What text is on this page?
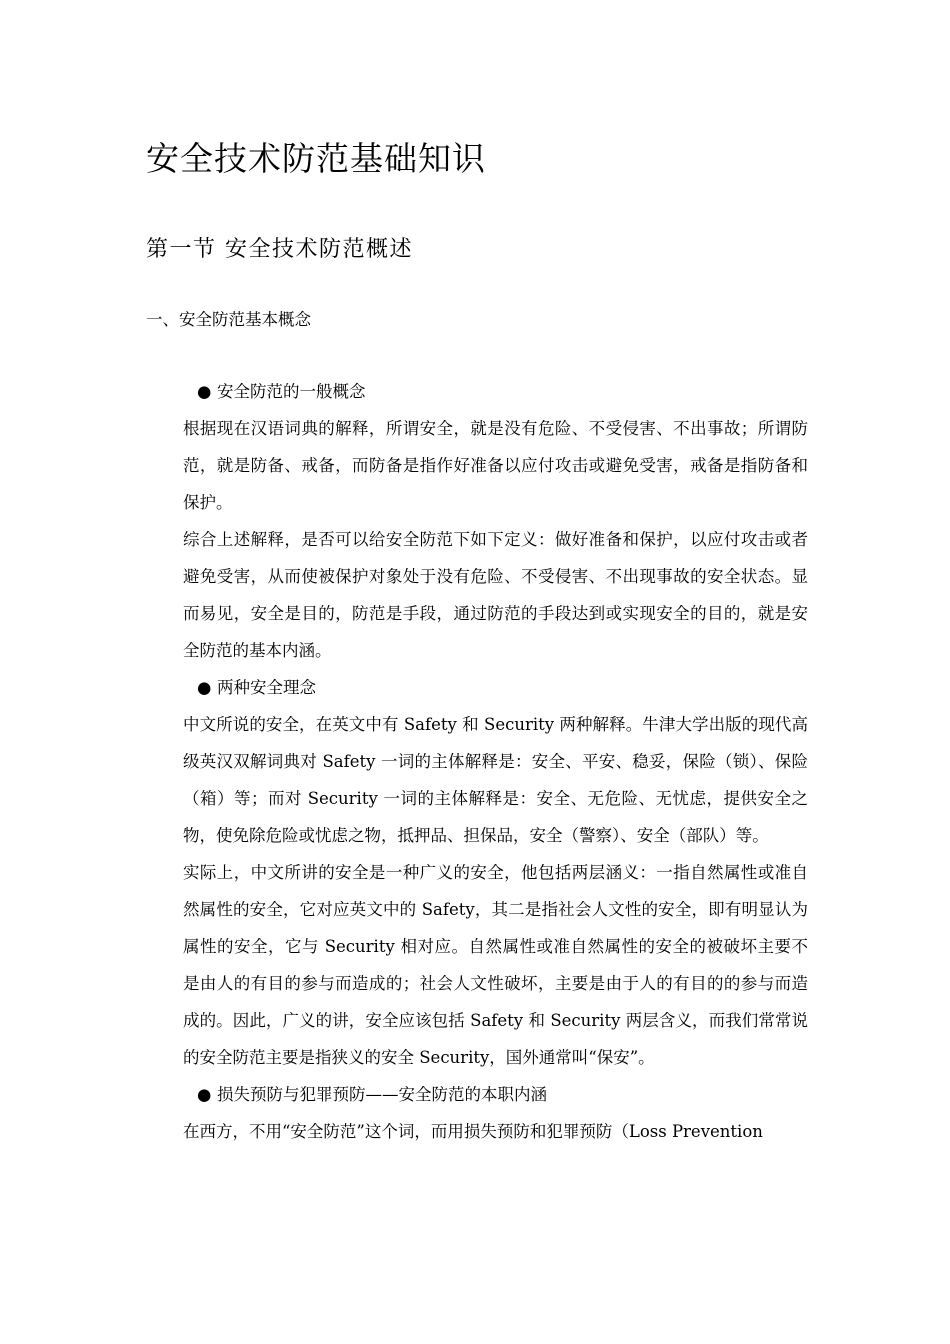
安全技术防范基础知识
第一节 安全技术防范概述
一、安全防范基本概念
● 安全防范的一般概念

根据现在汉语词典的解释，所谓安全，就是没有危险、不受侵害、不出事故；所谓防范，就是防备、戒备，而防备是指作好准备以应付攻击或避免受害，戒备是指防备和保护。

综合上述解释，是否可以给安全防范下如下定义：做好准备和保护，以应付攻击或者避免受害，从而使被保护对象处于没有危险、不受侵害、不出现事故的安全状态。显而易见，安全是目的，防范是手段，通过防范的手段达到或实现安全的目的，就是安全防范的基本内涵。

● 两种安全理念

中文所说的安全，在英文中有 Safety 和 Security 两种解释。牛津大学出版的现代高级英汉双解词典对 Safety 一词的主体解释是：安全、平安、稳妥，保险（锁）、保险（箱）等；而对 Security 一词的主体解释是：安全、无危险、无忧虑，提供安全之物，使免除危险或忧虑之物，抵押品、担保品，安全（警察）、安全（部队）等。

实际上，中文所讲的安全是一种广义的安全，他包括两层涵义：一指自然属性或准自然属性的安全，它对应英文中的 Safety，其二是指社会人文性的安全，即有明显认为属性的安全，它与 Security 相对应。自然属性或准自然属性的安全的被破坏主要不是由人的有目的参与而造成的；社会人文性破坏，主要是由于人的有目的的参与而造成的。因此，广义的讲，安全应该包括 Safety 和 Security 两层含义，而我们常常说的安全防范主要是指狭义的安全 Security，国外通常叫“保安”。

● 损失预防与犯罪预防——安全防范的本职内涵

在西方，不用“安全防范”这个词，而用损失预防和犯罪预防（Loss Prevention
